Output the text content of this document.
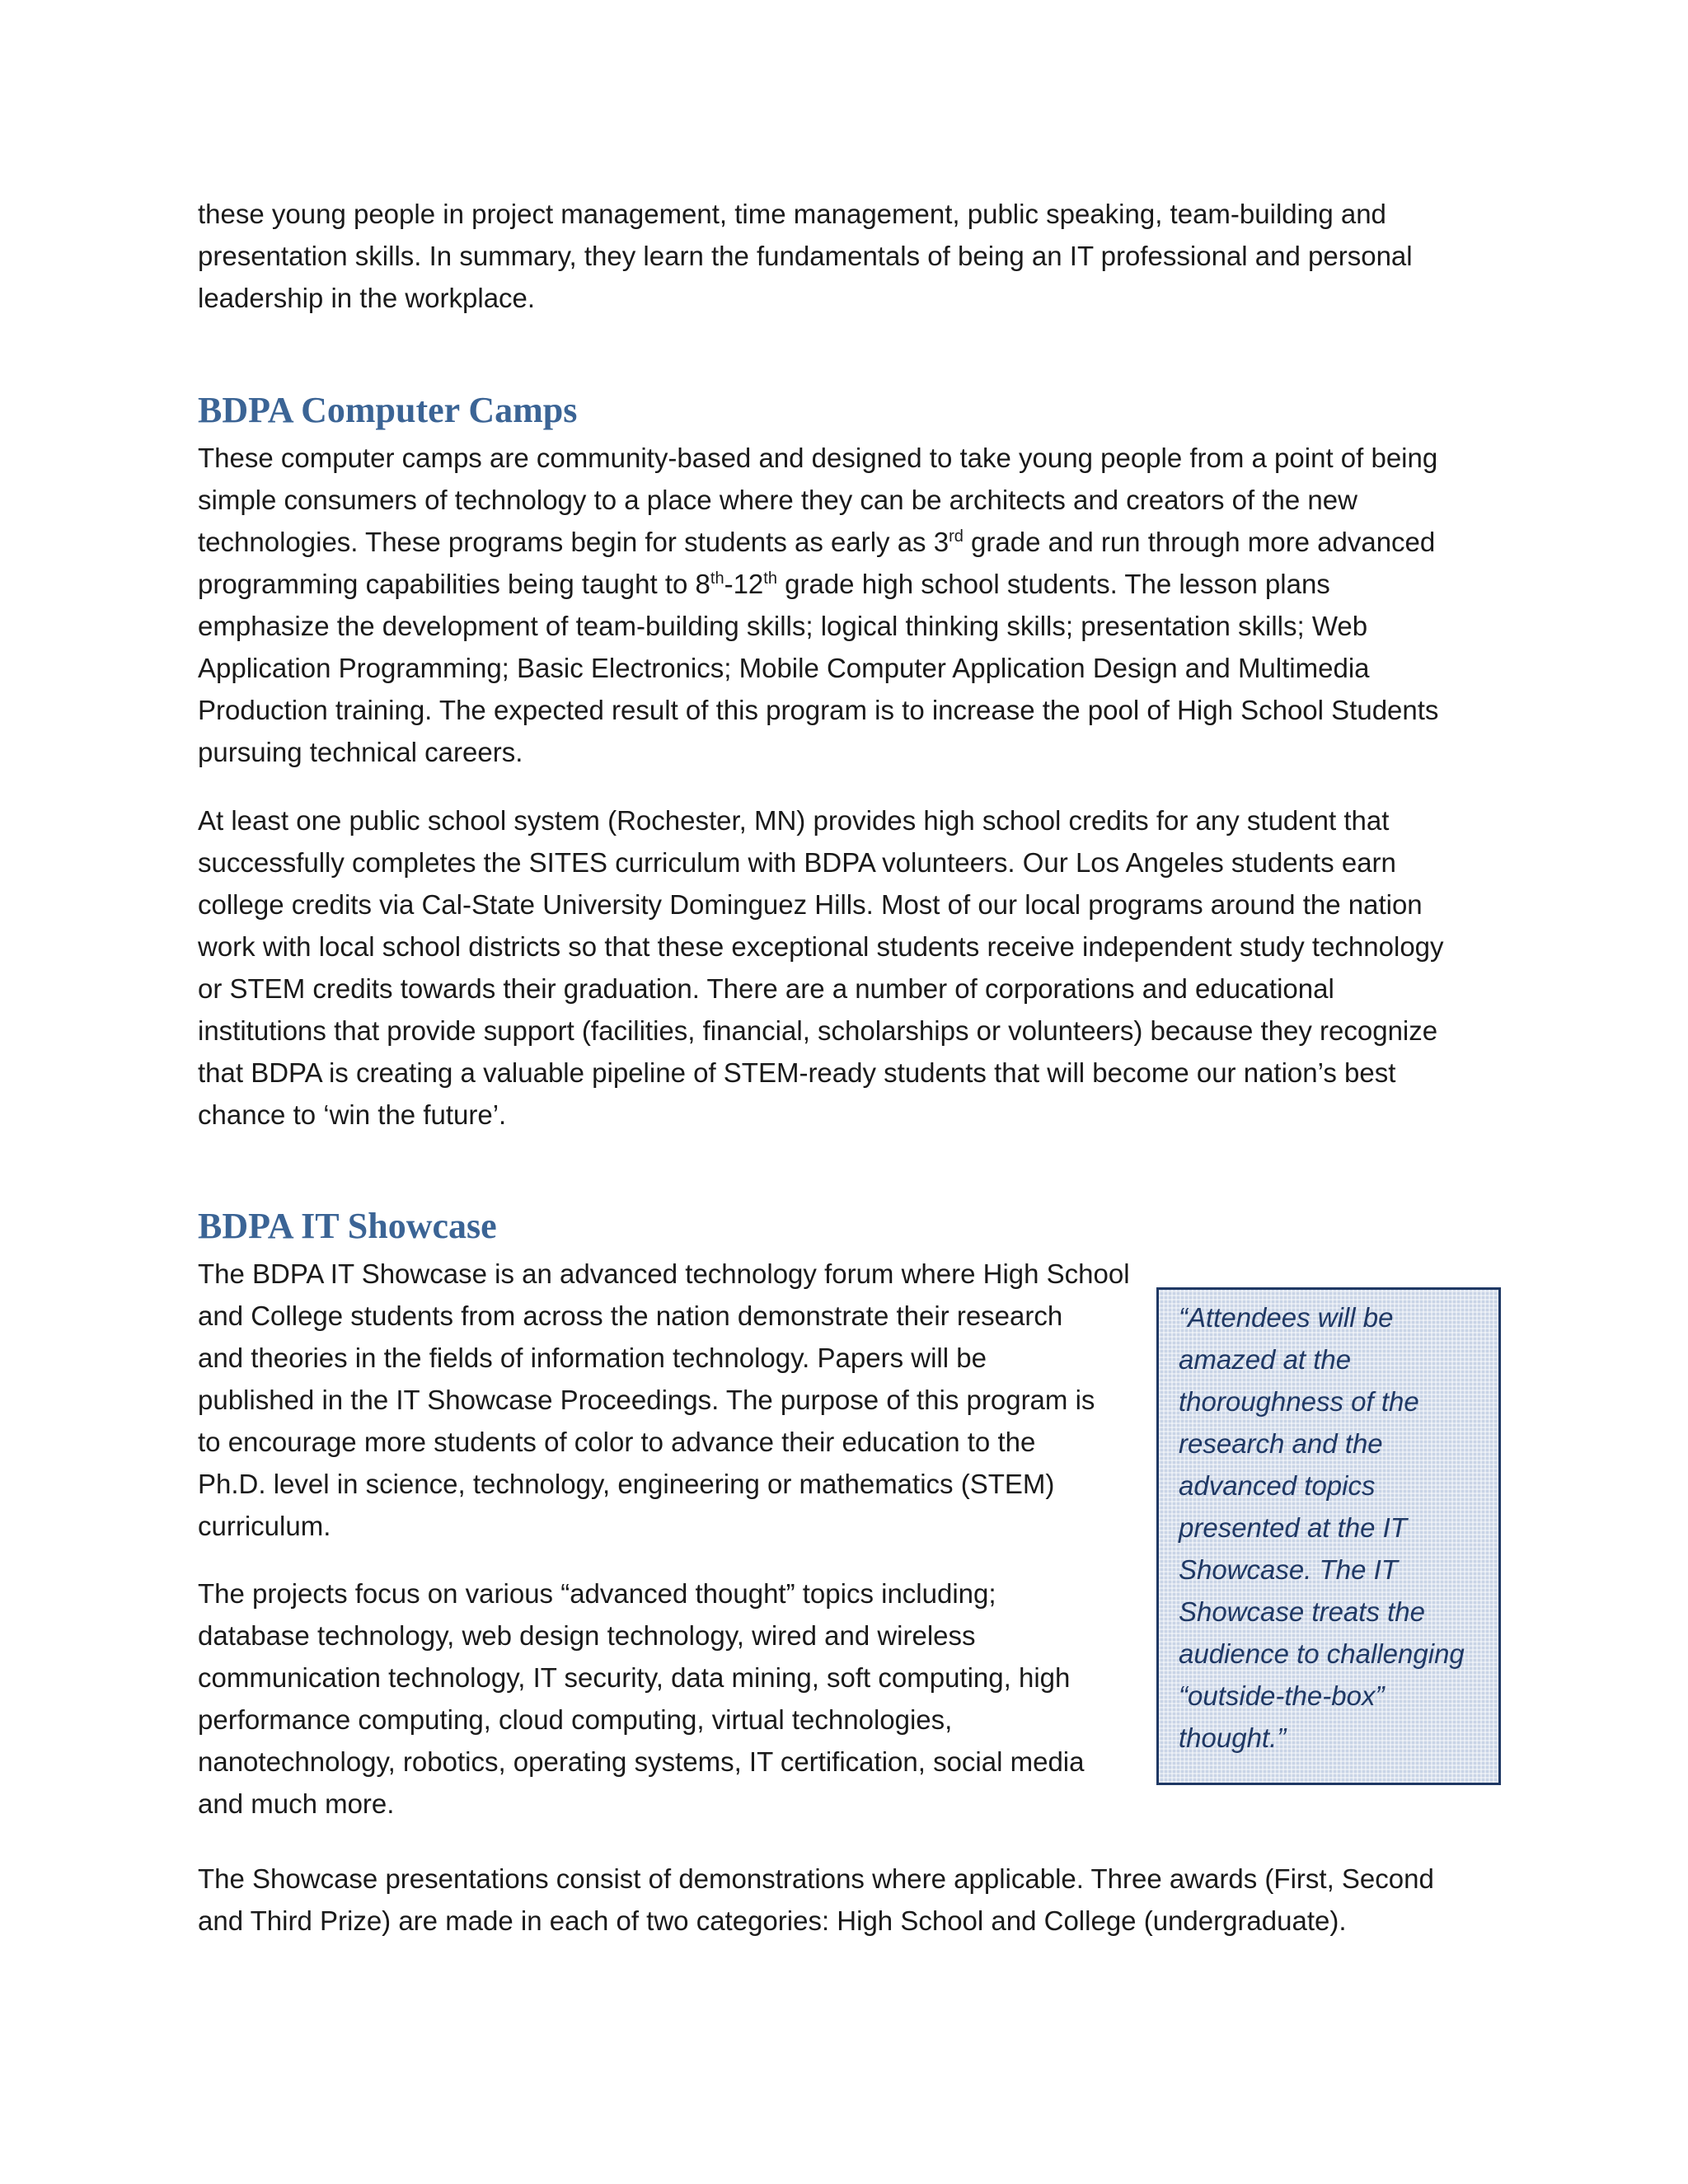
these young people in project management, time management, public speaking, team-building and
presentation skills. In summary, they learn the fundamentals of being an IT professional and personal
leadership in the workplace.

BDPA Computer Camps

These computer camps are community-based and designed to take young people from a point of being
simple consumers of technology to a place where they can be architects and creators of the new
technologies. These programs begin for students as early as 3rd grade and run through more advanced
programming capabilities being taught to 8th-12th grade high school students. The lesson plans
emphasize the development of team-building skills; logical thinking skills; presentation skills; Web
Application Programming; Basic Electronics; Mobile Computer Application Design and Multimedia
Production training. The expected result of this program is to increase the pool of High School Students
pursuing technical careers.

At least one public school system (Rochester, MN) provides high school credits for any student that
successfully completes the SITES curriculum with BDPA volunteers. Our Los Angeles students earn
college credits via Cal-State University Dominguez Hills. Most of our local programs around the nation
work with local school districts so that these exceptional students receive independent study technology
or STEM credits towards their graduation. There are a number of corporations and educational
institutions that provide support (facilities, financial, scholarships or volunteers) because they recognize
that BDPA is creating a valuable pipeline of STEM-ready students that will become our nation’s best
chance to ‘win the future’.

BDPA IT Showcase

The BDPA IT Showcase is an advanced technology forum where High School
and College students from across the nation demonstrate their research
and theories in the fields of information technology. Papers will be
published in the IT Showcase Proceedings. The purpose of this program is
to encourage more students of color to advance their education to the
Ph.D. level in science, technology, engineering or mathematics (STEM)
curriculum.

The projects focus on various “advanced thought” topics including;
database technology, web design technology, wired and wireless
communication technology, IT security, data mining, soft computing, high
performance computing, cloud computing, virtual technologies,
nanotechnology, robotics, operating systems, IT certification, social media
and much more.

The Showcase presentations consist of demonstrations where applicable. Three awards (First, Second
and Third Prize) are made in each of two categories: High School and College (undergraduate).

“Attendees will be
amazed at the
thoroughness of the
research and the
advanced topics
presented at the IT
Showcase. The IT
Showcase treats the
audience to challenging
“outside-the-box”
thought.”
